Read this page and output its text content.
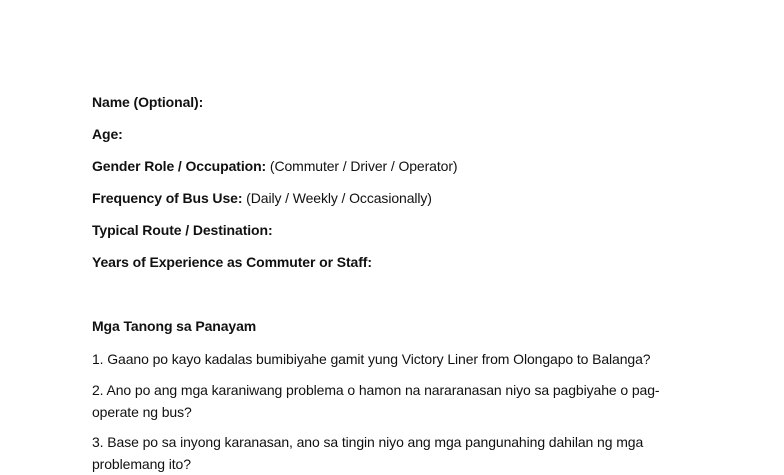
Name (Optional):
Age:
Gender Role / Occupation: (Commuter / Driver / Operator)
Frequency of Bus Use: (Daily / Weekly / Occasionally)
Typical Route / Destination:
Years of Experience as Commuter or Staff:
Mga Tanong sa Panayam
1. Gaano po kayo kadalas bumibiyahe gamit yung Victory Liner from Olongapo to Balanga?
2. Ano po ang mga karaniwang problema o hamon na nararanasan niyo sa pagbiyahe o pag-operate ng bus?
3. Base po sa inyong karanasan, ano sa tingin niyo ang mga pangunahing dahilan ng mga problemang ito?
